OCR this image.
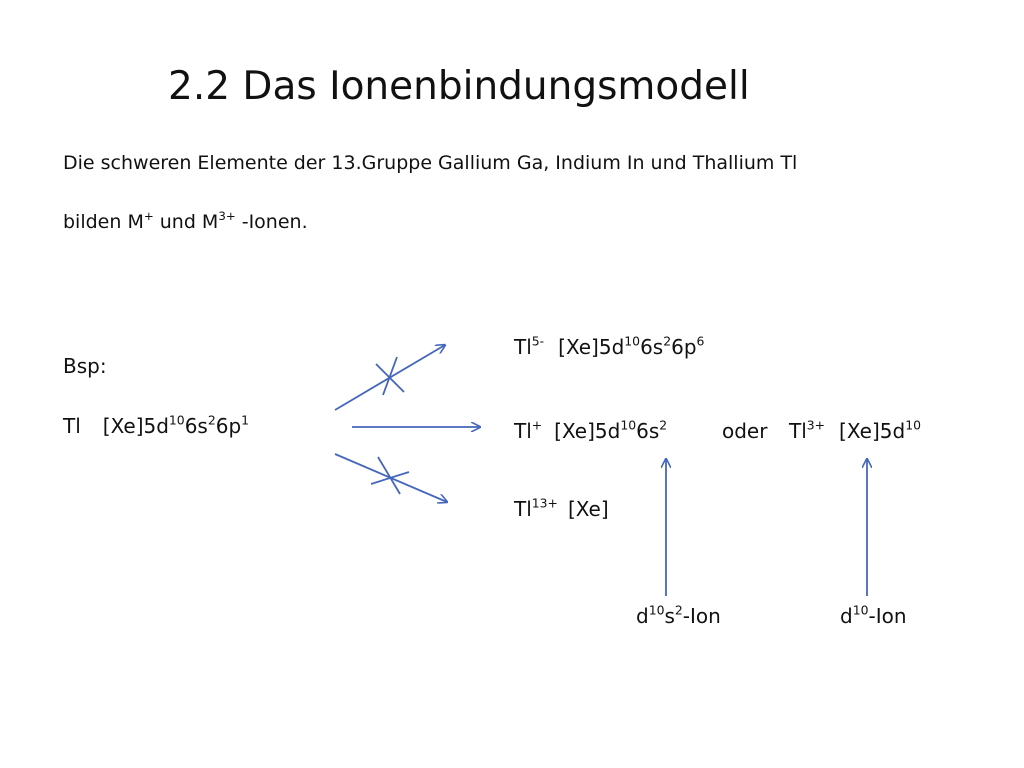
2.2 Das Ionenbindungsmodell
Die schweren Elemente der 13.Gruppe Gallium Ga, Indium In und Thallium Tl
bilden M+ und $M^{3+}$ -Ionen.
Bsp:
Tl $[Xe]5d^{10}6s^26p^1$
$Tl^{5-}$ $[Xe]5d^{10}6s^26p^6$
Tl+ $[Xe]5d^{10}6s^2$	oder $Tl^{3+}$ $[Xe]5d^{10}$
$Tl^{13+}$ [Xe]
$d^{10}s^2$-Ion	$d^{10}$-Ion
